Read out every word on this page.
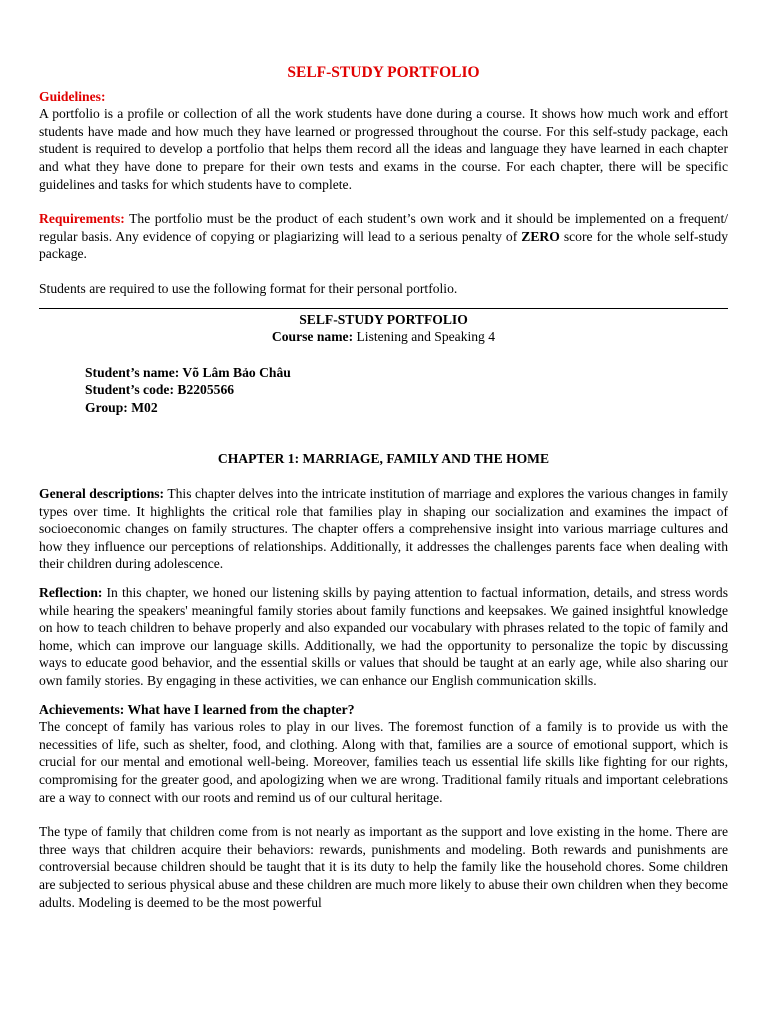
SELF-STUDY PORTFOLIO

Guidelines:

A portfolio is a profile or collection of all the work students have done during a course. It shows how much work and effort students have made and how much they have learned or progressed throughout the course. For this self-study package, each student is required to develop a portfolio that helps them record all the ideas and language they have learned in each chapter and what they have done to prepare for their own tests and exams in the course. For each chapter, there will be specific guidelines and tasks for which students have to complete.

Requirements: The portfolio must be the product of each student’s own work and it should be implemented on a frequent/ regular basis. Any evidence of copying or plagiarizing will lead to a serious penalty of ZERO score for the whole self-study package.

Students are required to use the following format for their personal portfolio.

SELF-STUDY PORTFOLIO
Course name: Listening and Speaking 4
Student’s name: Võ Lâm Bảo Châu
Student’s code: B2205566
Group: M02
CHAPTER 1: MARRIAGE, FAMILY AND THE HOME

General descriptions: This chapter delves into the intricate institution of marriage and explores the various changes in family types over time. It highlights the critical role that families play in shaping our socialization and examines the impact of socioeconomic changes on family structures. The chapter offers a comprehensive insight into various marriage cultures and how they influence our perceptions of relationships. Additionally, it addresses the challenges parents face when dealing with their children during adolescence.

Reflection: In this chapter, we honed our listening skills by paying attention to factual information, details, and stress words while hearing the speakers' meaningful family stories about family functions and keepsakes. We gained insightful knowledge on how to teach children to behave properly and also expanded our vocabulary with phrases related to the topic of family and home, which can improve our language skills. Additionally, we had the opportunity to personalize the topic by discussing ways to educate good behavior, and the essential skills or values that should be taught at an early age, while also sharing our own family stories. By engaging in these activities, we can enhance our English communication skills.

Achievements: What have I learned from the chapter?

The concept of family has various roles to play in our lives. The foremost function of a family is to provide us with the necessities of life, such as shelter, food, and clothing. Along with that, families are a source of emotional support, which is crucial for our mental and emotional well-being. Moreover, families teach us essential life skills like fighting for our rights, compromising for the greater good, and apologizing when we are wrong. Traditional family rituals and important celebrations are a way to connect with our roots and remind us of our cultural heritage.

The type of family that children come from is not nearly as important as the support and love existing in the home. There are three ways that children acquire their behaviors: rewards, punishments and modeling. Both rewards and punishments are controversial because children should be taught that it is its duty to help the family like the household chores. Some children are subjected to serious physical abuse and these children are much more likely to abuse their own children when they become adults. Modeling is deemed to be the most powerful
